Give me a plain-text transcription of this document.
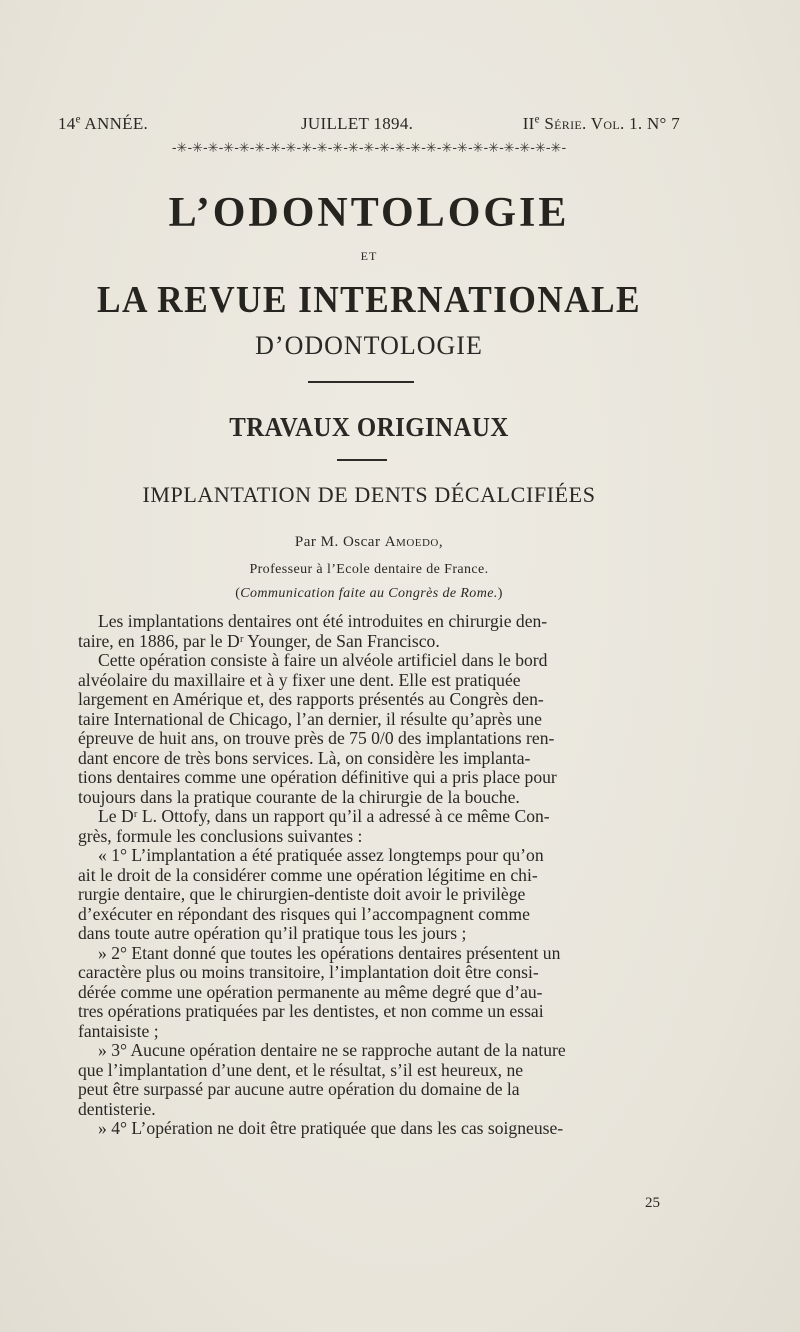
14e ANNÉE.	JUILLET 1894.	IIe Série. Vol. 1. N° 7
-✳-✳-✳-✳-✳-✳-✳-✳-✳-✳-✳-✳-✳-✳-✳-✳-✳-✳-✳-✳-✳-✳-✳-✳-✳-
L’ODONTOLOGIE
ET
LA REVUE INTERNATIONALE
D’ODONTOLOGIE
TRAVAUX ORIGINAUX
IMPLANTATION DE DENTS DÉCALCIFIÉES
Par M. Oscar Amoedo,
Professeur à l’Ecole dentaire de France.
(Communication faite au Congrès de Rome.)
Les implantations dentaires ont été introduites en chirurgie den-
taire, en 1886, par le Dʳ Younger, de San Francisco.
Cette opération consiste à faire un alvéole artificiel dans le bord
alvéolaire du maxillaire et à y fixer une dent. Elle est pratiquée
largement en Amérique et, des rapports présentés au Congrès den-
taire International de Chicago, l’an dernier, il résulte qu’après une
épreuve de huit ans, on trouve près de 75 0/0 des implantations ren-
dant encore de très bons services. Là, on considère les implanta-
tions dentaires comme une opération définitive qui a pris place pour
toujours dans la pratique courante de la chirurgie de la bouche.
Le Dʳ L. Ottofy, dans un rapport qu’il a adressé à ce même Con-
grès, formule les conclusions suivantes :
« 1° L’implantation a été pratiquée assez longtemps pour qu’on
ait le droit de la considérer comme une opération légitime en chi-
rurgie dentaire, que le chirurgien-dentiste doit avoir le privilège
d’exécuter en répondant des risques qui l’accompagnent comme
dans toute autre opération qu’il pratique tous les jours ;
» 2° Etant donné que toutes les opérations dentaires présentent un
caractère plus ou moins transitoire, l’implantation doit être consi-
dérée comme une opération permanente au même degré que d’au-
tres opérations pratiquées par les dentistes, et non comme un essai
fantaisiste ;
» 3° Aucune opération dentaire ne se rapproche autant de la nature
que l’implantation d’une dent, et le résultat, s’il est heureux, ne
peut être surpassé par aucune autre opération du domaine de la
dentisterie.
» 4° L’opération ne doit être pratiquée que dans les cas soigneuse-
25
